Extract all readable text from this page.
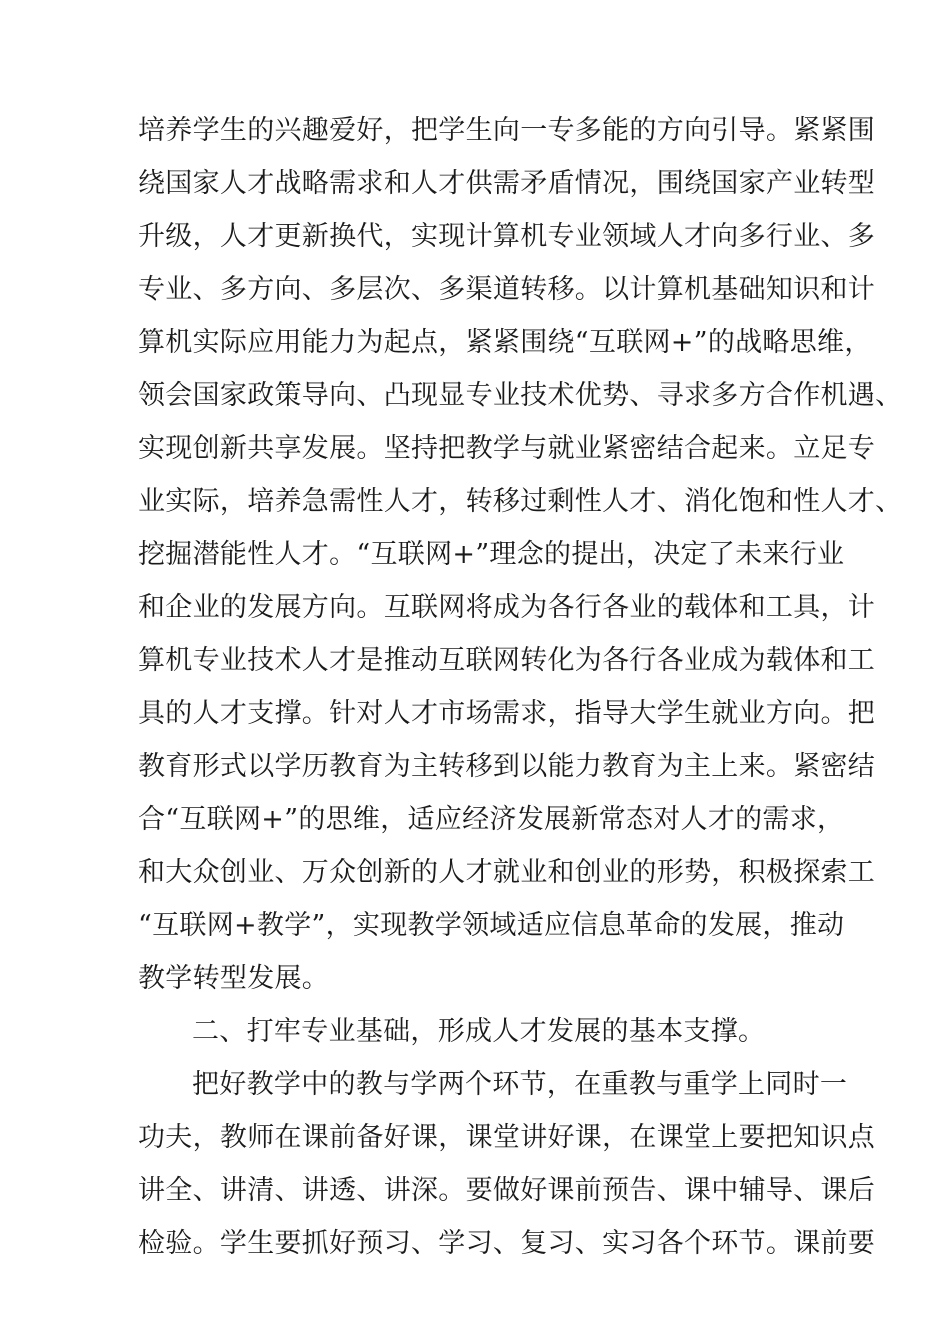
培养学生的兴趣爱好，把学生向一专多能的方向引导。紧紧围
绕国家人才战略需求和人才供需矛盾情况，围绕国家产业转型
升级，人才更新换代，实现计算机专业领域人才向多行业、多
专业、多方向、多层次、多渠道转移。以计算机基础知识和计
算机实际应用能力为起点，紧紧围绕“互联网+”的战略思维，
领会国家政策导向、凸现显专业技术优势、寻求多方合作机遇、
实现创新共享发展。坚持把教学与就业紧密结合起来。立足专
业实际，培养急需性人才，转移过剩性人才、消化饱和性人才、
挖掘潜能性人才。“互联网+”理念的提出，决定了未来行业
和企业的发展方向。互联网将成为各行各业的载体和工具，计
算机专业技术人才是推动互联网转化为各行各业成为载体和工
具的人才支撑。针对人才市场需求，指导大学生就业方向。把
教育形式以学历教育为主转移到以能力教育为主上来。紧密结
合“互联网+”的思维，适应经济发展新常态对人才的需求，
和大众创业、万众创新的人才就业和创业的形势，积极探索工
“互联网+教学”，实现教学领域适应信息革命的发展，推动
教学转型发展。
二、打牢专业基础，形成人才发展的基本支撑。
把好教学中的教与学两个环节，在重教与重学上同时一
功夫，教师在课前备好课，课堂讲好课，在课堂上要把知识点
讲全、讲清、讲透、讲深。要做好课前预告、课中辅导、课后
检验。学生要抓好预习、学习、复习、实习各个环节。课前要
